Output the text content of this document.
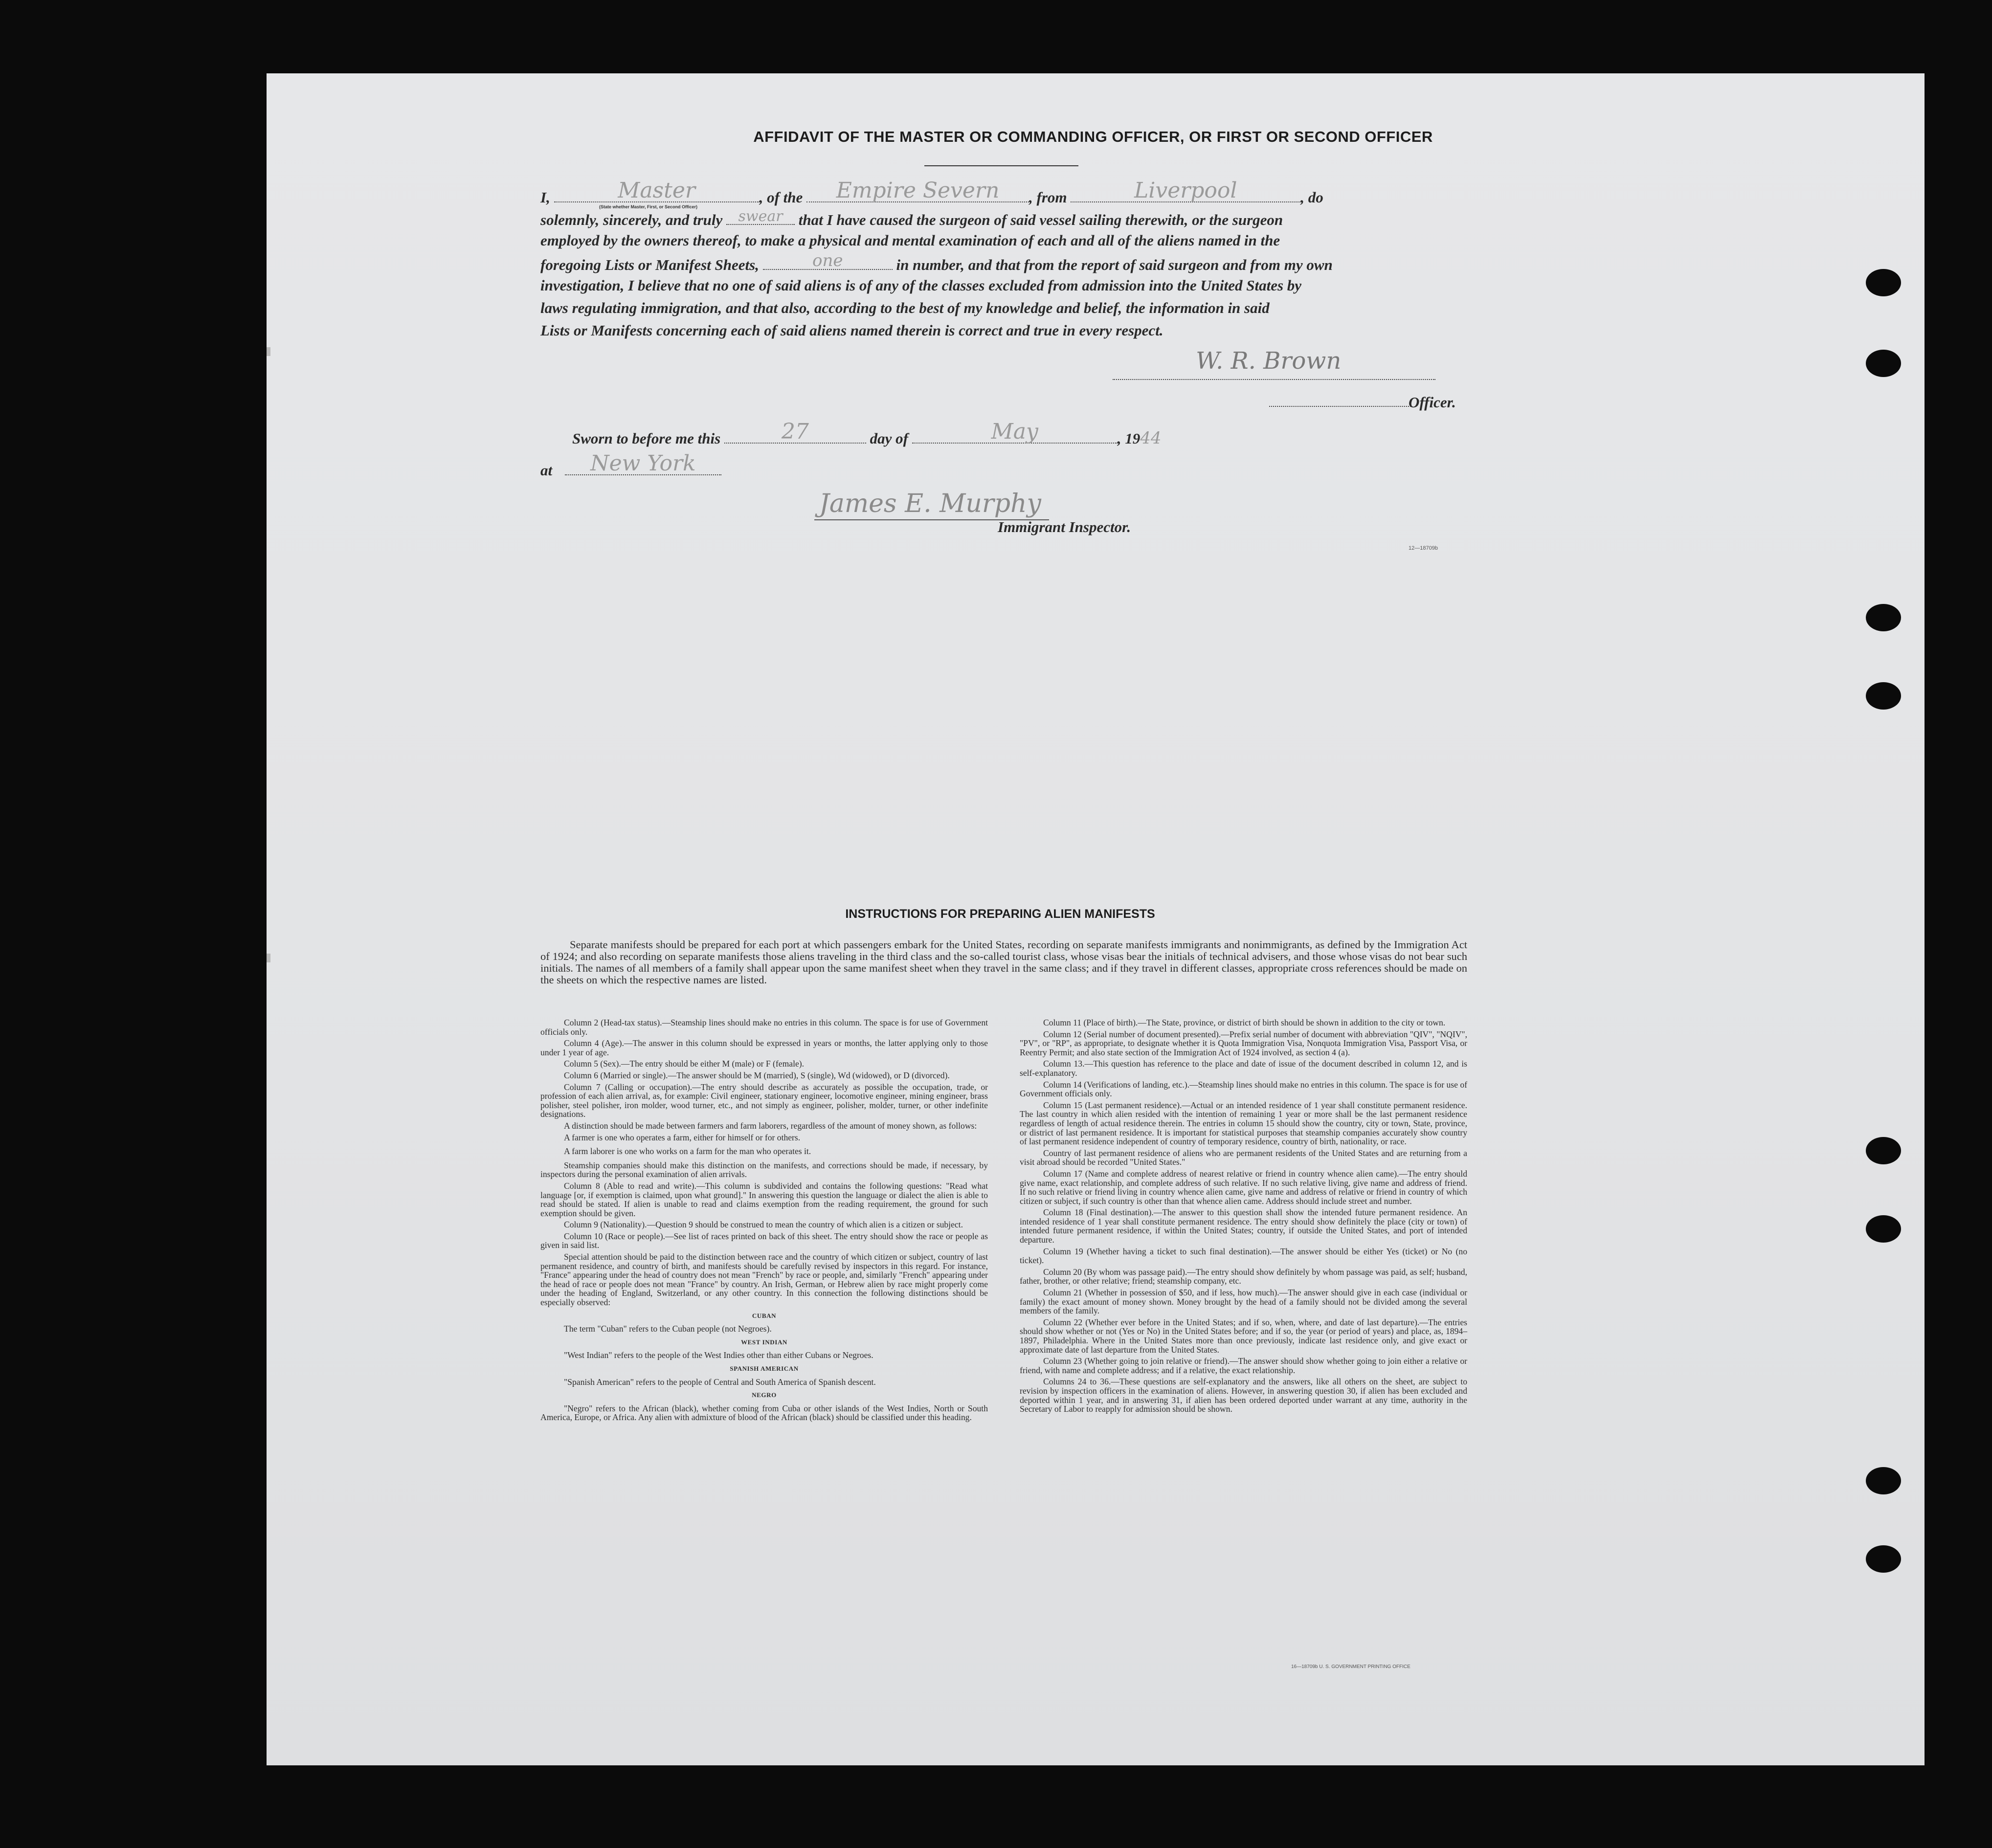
AFFIDAVIT OF THE MASTER OR COMMANDING OFFICER, OR FIRST OR SECOND OFFICER
I,	Master	, of the Empire Severn , from	Liverpool	, do
(State whether Master, First, or Second Officer)
solemnly, sincerely, and truly swear that I have caused the surgeon of said vessel sailing therewith, or the surgeon
employed by the owners thereof, to make a physical and mental examination of each and all of the aliens named in the
foregoing Lists or Manifest Sheets,	one	in number, and that from the report of said surgeon and from my own
investigation, I believe that no one of said aliens is of any of the classes excluded from admission into the United States by
laws regulating immigration, and that also, according to the best of my knowledge and belief, the information in said
Lists or Manifests concerning each of said aliens named therein is correct and true in every respect.
W. R. Brown
Officer.
Sworn to before me this	27	day of	May	, 1944
at New York
James E. Murphy
Immigrant Inspector.
12—18709b
INSTRUCTIONS FOR PREPARING ALIEN MANIFESTS

Separate manifests should be prepared for each port at which passengers embark for the United States, recording on separate manifests immigrants and nonimmigrants, as defined by the Immigration Act of 1924; and also recording on separate manifests those aliens traveling in the third class and the so-called tourist class, whose visas bear the initials of technical advisers, and those whose visas do not bear such initials. The names of all members of a family shall appear upon the same manifest sheet when they travel in the same class; and if they travel in different classes, appropriate cross references should be made on the sheets on which the respective names are listed.

Column 2 (Head-tax status).—Steamship lines should make no entries in this column. The space is for use of Government officials only.

Column 4 (Age).—The answer in this column should be expressed in years or months, the latter applying only to those under 1 year of age.

Column 5 (Sex).—The entry should be either M (male) or F (female).

Column 6 (Married or single).—The answer should be M (married), S (single), Wd (widowed), or D (divorced).

Column 7 (Calling or occupation).—The entry should describe as accurately as possible the occupation, trade, or profession of each alien arrival, as, for example: Civil engineer, stationary engineer, locomotive engineer, mining engineer, brass polisher, steel polisher, iron molder, wood turner, etc., and not simply as engineer, polisher, molder, turner, or other indefinite designations.

A distinction should be made between farmers and farm laborers, regardless of the amount of money shown, as follows:

A farmer is one who operates a farm, either for himself or for others.

A farm laborer is one who works on a farm for the man who operates it.

Steamship companies should make this distinction on the manifests, and corrections should be made, if necessary, by inspectors during the personal examination of alien arrivals.

Column 8 (Able to read and write).—This column is subdivided and contains the following questions: "Read what language [or, if exemption is claimed, upon what ground]." In answering this question the language or dialect the alien is able to read should be stated. If alien is unable to read and claims exemption from the reading requirement, the ground for such exemption should be given.

Column 9 (Nationality).—Question 9 should be construed to mean the country of which alien is a citizen or subject.

Column 10 (Race or people).—See list of races printed on back of this sheet. The entry should show the race or people as given in said list.

Special attention should be paid to the distinction between race and the country of which citizen or subject, country of last permanent residence, and country of birth, and manifests should be carefully revised by inspectors in this regard. For instance, "France" appearing under the head of country does not mean "French" by race or people, and, similarly "French" appearing under the head of race or people does not mean "France" by country. An Irish, German, or Hebrew alien by race might properly come under the heading of England, Switzerland, or any other country. In this connection the following distinctions should be especially observed:

CUBAN

The term "Cuban" refers to the Cuban people (not Negroes).

WEST INDIAN

"West Indian" refers to the people of the West Indies other than either Cubans or Negroes.

SPANISH AMERICAN

"Spanish American" refers to the people of Central and South America of Spanish descent.

NEGRO

"Negro" refers to the African (black), whether coming from Cuba or other islands of the West Indies, North or South America, Europe, or Africa. Any alien with admixture of blood of the African (black) should be classified under this heading.

Column 11 (Place of birth).—The State, province, or district of birth should be shown in addition to the city or town.

Column 12 (Serial number of document presented).—Prefix serial number of document with abbreviation "QIV", "NQIV", "PV", or "RP", as appropriate, to designate whether it is Quota Immigration Visa, Nonquota Immigration Visa, Passport Visa, or Reentry Permit; and also state section of the Immigration Act of 1924 involved, as section 4 (a).

Column 13.—This question has reference to the place and date of issue of the document described in column 12, and is self-explanatory.

Column 14 (Verifications of landing, etc.).—Steamship lines should make no entries in this column. The space is for use of Government officials only.

Column 15 (Last permanent residence).—Actual or an intended residence of 1 year shall constitute permanent residence. The last country in which alien resided with the intention of remaining 1 year or more shall be the last permanent residence regardless of length of actual residence therein. The entries in column 15 should show the country, city or town, State, province, or district of last permanent residence. It is important for statistical purposes that steamship companies accurately show country of last permanent residence independent of country of temporary residence, country of birth, nationality, or race.

Country of last permanent residence of aliens who are permanent residents of the United States and are returning from a visit abroad should be recorded "United States."

Column 17 (Name and complete address of nearest relative or friend in country whence alien came).—The entry should give name, exact relationship, and complete address of such relative. If no such relative living, give name and address of friend. If no such relative or friend living in country whence alien came, give name and address of relative or friend in country of which citizen or subject, if such country is other than that whence alien came. Address should include street and number.

Column 18 (Final destination).—The answer to this question shall show the intended future permanent residence. An intended residence of 1 year shall constitute permanent residence. The entry should show definitely the place (city or town) of intended future permanent residence, if within the United States; country, if outside the United States, and port of intended departure.

Column 19 (Whether having a ticket to such final destination).—The answer should be either Yes (ticket) or No (no ticket).

Column 20 (By whom was passage paid).—The entry should show definitely by whom passage was paid, as self; husband, father, brother, or other relative; friend; steamship company, etc.

Column 21 (Whether in possession of $50, and if less, how much).—The answer should give in each case (individual or family) the exact amount of money shown. Money brought by the head of a family should not be divided among the several members of the family.

Column 22 (Whether ever before in the United States; and if so, when, where, and date of last departure).—The entries should show whether or not (Yes or No) in the United States before; and if so, the year (or period of years) and place, as, 1894–1897, Philadelphia. Where in the United States more than once previously, indicate last residence only, and give exact or approximate date of last departure from the United States.

Column 23 (Whether going to join relative or friend).—The answer should show whether going to join either a relative or friend, with name and complete address; and if a relative, the exact relationship.

Columns 24 to 36.—These questions are self-explanatory and the answers, like all others on the sheet, are subject to revision by inspection officers in the examination of aliens. However, in answering question 30, if alien has been excluded and deported within 1 year, and in answering 31, if alien has been ordered deported under warrant at any time, authority in the Secretary of Labor to reapply for admission should be shown.

16—18709b U. S. GOVERNMENT PRINTING OFFICE
